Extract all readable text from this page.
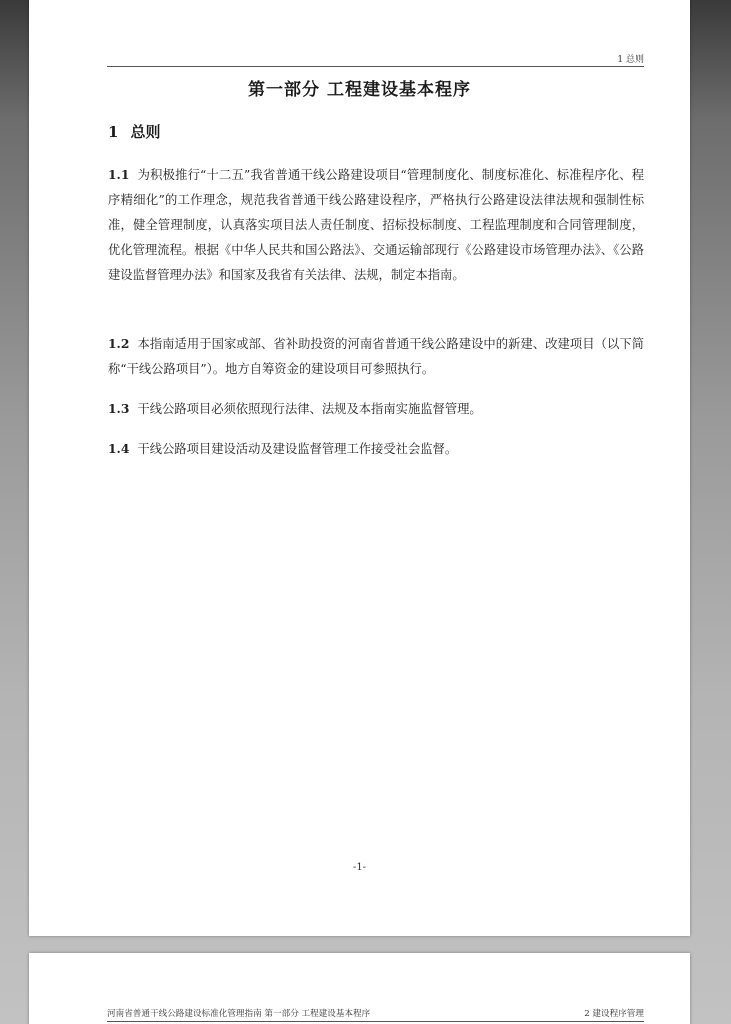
1 总则
第一部分 工程建设基本程序
1 总则
1.1 为积极推行“十二五”我省普通干线公路建设项目“管理制度化、制度标准化、标准程序化、程序精细化”的工作理念，规范我省普通干线公路建设程序，严格执行公路建设法律法规和强制性标准，健全管理制度，认真落实项目法人责任制度、招标投标制度、工程监理制度和合同管理制度，优化管理流程。根据《中华人民共和国公路法》、交通运输部现行《公路建设市场管理办法》、《公路建设监督管理办法》和国家及我省有关法律、法规，制定本指南。
1.2 本指南适用于国家或部、省补助投资的河南省普通干线公路建设中的新建、改建项目（以下简称“干线公路项目”）。地方自筹资金的建设项目可参照执行。
1.3 干线公路项目必须依照现行法律、法规及本指南实施监督管理。
1.4 干线公路项目建设活动及建设监督管理工作接受社会监督。
-1-
河南省普通干线公路建设标准化管理指南 第一部分 工程建设基本程序	2 建设程序管理
